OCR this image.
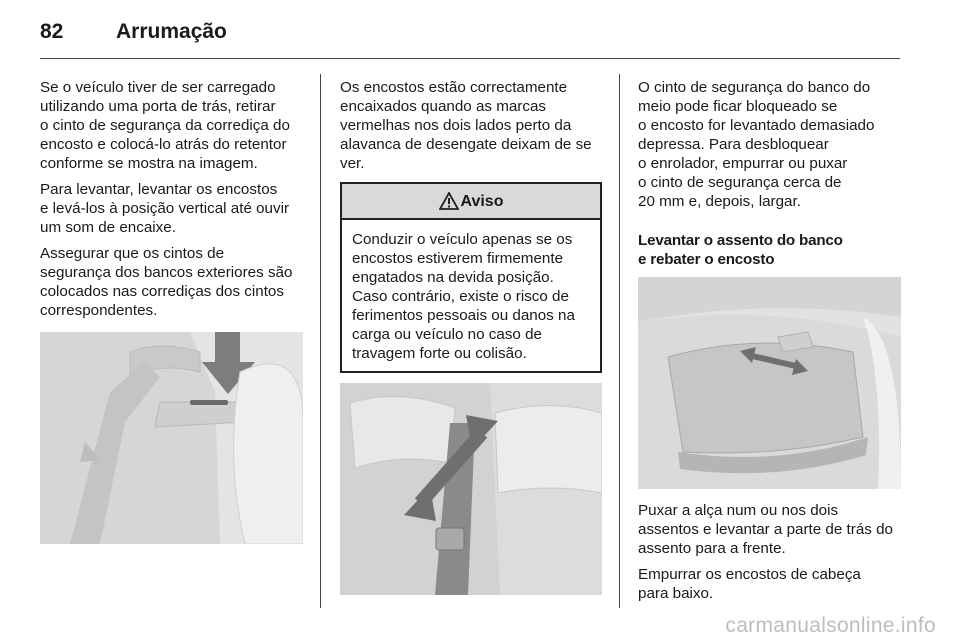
82	Arrumação

Se o veículo tiver de ser carregado
utilizando uma porta de trás, retirar
o cinto de segurança da corrediça do
encosto e colocá-lo atrás do retentor
conforme se mostra na imagem.

Para levantar, levantar os encostos
e levá-los à posição vertical até ouvir
um som de encaixe.

Assegurar que os cintos de
segurança dos bancos exteriores são
colocados nas corrediças dos cintos
correspondentes.

Os encostos estão correctamente
encaixados quando as marcas
vermelhas nos dois lados perto da
alavanca de desengate deixam de se
ver.

Aviso
Conduzir o veículo apenas se os
encostos estiverem firmemente
engatados na devida posição.
Caso contrário, existe o risco de
ferimentos pessoais ou danos na
carga ou veículo no caso de
travagem forte ou colisão.

O cinto de segurança do banco do
meio pode ficar bloqueado se
o encosto for levantado demasiado
depressa. Para desbloquear
o enrolador, empurrar ou puxar
o cinto de segurança cerca de
20 mm e, depois, largar.

Levantar o assento do banco
e rebater o encosto

Puxar a alça num ou nos dois
assentos e levantar a parte de trás do
assento para a frente.

Empurrar os encostos de cabeça
para baixo.

carmanualsonline.info
